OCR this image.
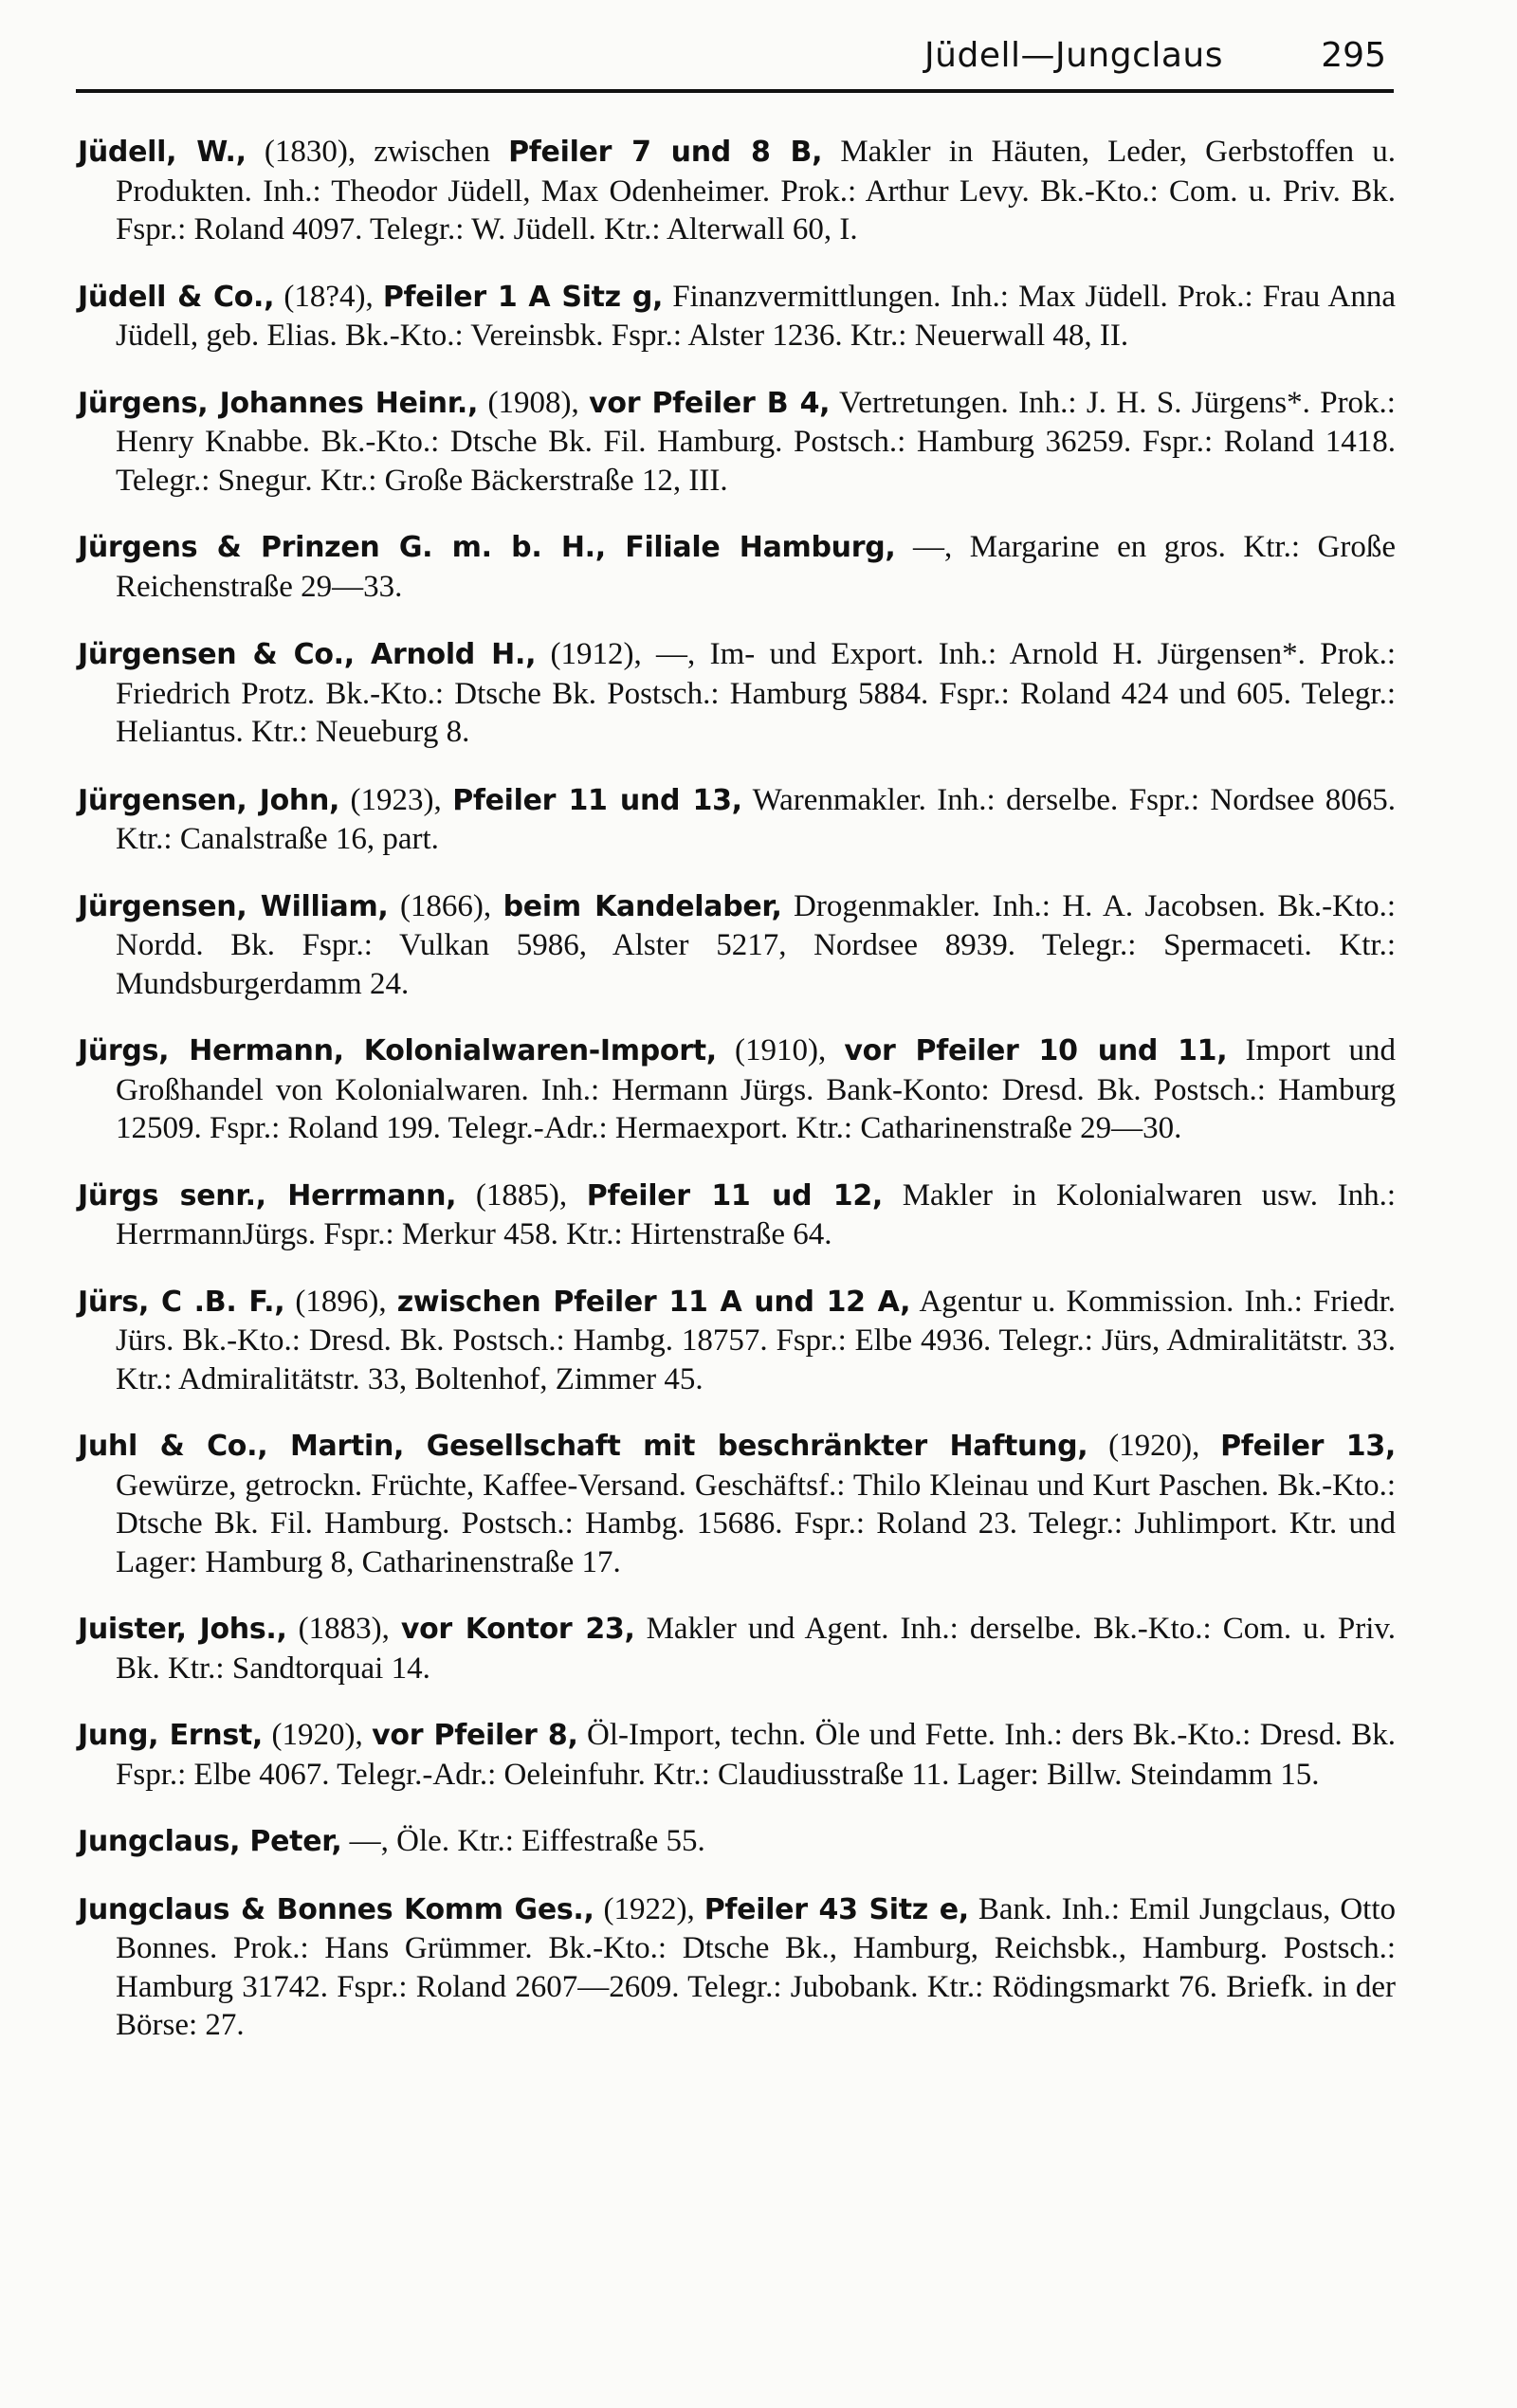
Jüdell—Jungclaus	295

Jüdell, W., (1830), zwischen Pfeiler 7 und 8 B, Makler in Häuten, Leder, Gerbstoffen u. Produkten. Inh.: Theodor Jüdell, Max Odenheimer. Prok.: Arthur Levy. Bk.-Kto.: Com. u. Priv. Bk. Fspr.: Roland 4097. Telegr.: W. Jüdell. Ktr.: Alterwall 60, I.

Jüdell & Co., (18?4), Pfeiler 1 A Sitz g, Finanzvermittlungen. Inh.: Max Jüdell. Prok.: Frau Anna Jüdell, geb. Elias. Bk.-Kto.: Vereinsbk. Fspr.: Alster 1236. Ktr.: Neuerwall 48, II.

Jürgens, Johannes Heinr., (1908), vor Pfeiler B 4, Vertretungen. Inh.: J. H. S. Jürgens*. Prok.: Henry Knabbe. Bk.-Kto.: Dtsche Bk. Fil. Hamburg. Postsch.: Hamburg 36259. Fspr.: Roland 1418. Telegr.: Snegur. Ktr.: Große Bäckerstraße 12, III.

Jürgens & Prinzen G. m. b. H., Filiale Hamburg, —, Margarine en gros. Ktr.: Große Reichenstraße 29—33.

Jürgensen & Co., Arnold H., (1912), —, Im- und Export. Inh.: Arnold H. Jürgensen*. Prok.: Friedrich Protz. Bk.-Kto.: Dtsche Bk. Postsch.: Hamburg 5884. Fspr.: Roland 424 und 605. Telegr.: Heliantus. Ktr.: Neueburg 8.

Jürgensen, John, (1923), Pfeiler 11 und 13, Warenmakler. Inh.: derselbe. Fspr.: Nordsee 8065. Ktr.: Canalstraße 16, part.

Jürgensen, William, (1866), beim Kandelaber, Drogenmakler. Inh.: H. A. Jacobsen. Bk.-Kto.: Nordd. Bk. Fspr.: Vulkan 5986, Alster 5217, Nordsee 8939. Telegr.: Spermaceti. Ktr.: Mundsburgerdamm 24.

Jürgs, Hermann, Kolonialwaren-Import, (1910), vor Pfeiler 10 und 11, Import und Großhandel von Kolonialwaren. Inh.: Hermann Jürgs. Bank-Konto: Dresd. Bk. Postsch.: Hamburg 12509. Fspr.: Roland 199. Telegr.-Adr.: Hermaexport. Ktr.: Catharinenstraße 29—30.

Jürgs senr., Herrmann, (1885), Pfeiler 11 ud 12, Makler in Kolonialwaren usw. Inh.: HerrmannJürgs. Fspr.: Merkur 458. Ktr.: Hirtenstraße 64.

Jürs, C .B. F., (1896), zwischen Pfeiler 11 A und 12 A, Agentur u. Kommission. Inh.: Friedr. Jürs. Bk.-Kto.: Dresd. Bk. Postsch.: Hambg. 18757. Fspr.: Elbe 4936. Telegr.: Jürs, Admiralitätstr. 33. Ktr.: Admiralitätstr. 33, Boltenhof, Zimmer 45.

Juhl & Co., Martin, Gesellschaft mit beschränkter Haftung, (1920), Pfeiler 13, Gewürze, getrockn. Früchte, Kaffee-Versand. Geschäftsf.: Thilo Kleinau und Kurt Paschen. Bk.-Kto.: Dtsche Bk. Fil. Hamburg. Postsch.: Hambg. 15686. Fspr.: Roland 23. Telegr.: Juhlimport. Ktr. und Lager: Hamburg 8, Catharinenstraße 17.

Juister, Johs., (1883), vor Kontor 23, Makler und Agent. Inh.: derselbe. Bk.-Kto.: Com. u. Priv. Bk. Ktr.: Sandtorquai 14.

Jung, Ernst, (1920), vor Pfeiler 8, Öl-Import, techn. Öle und Fette. Inh.: ders Bk.-Kto.: Dresd. Bk. Fspr.: Elbe 4067. Telegr.-Adr.: Oeleinfuhr. Ktr.: Claudiusstraße 11. Lager: Billw. Steindamm 15.

Jungclaus, Peter, —, Öle. Ktr.: Eiffestraße 55.

Jungclaus & Bonnes Komm Ges., (1922), Pfeiler 43 Sitz e, Bank. Inh.: Emil Jungclaus, Otto Bonnes. Prok.: Hans Grümmer. Bk.-Kto.: Dtsche Bk., Hamburg, Reichsbk., Hamburg. Postsch.: Hamburg 31742. Fspr.: Roland 2607—2609. Telegr.: Jubobank. Ktr.: Rödingsmarkt 76. Briefk. in der Börse: 27.
